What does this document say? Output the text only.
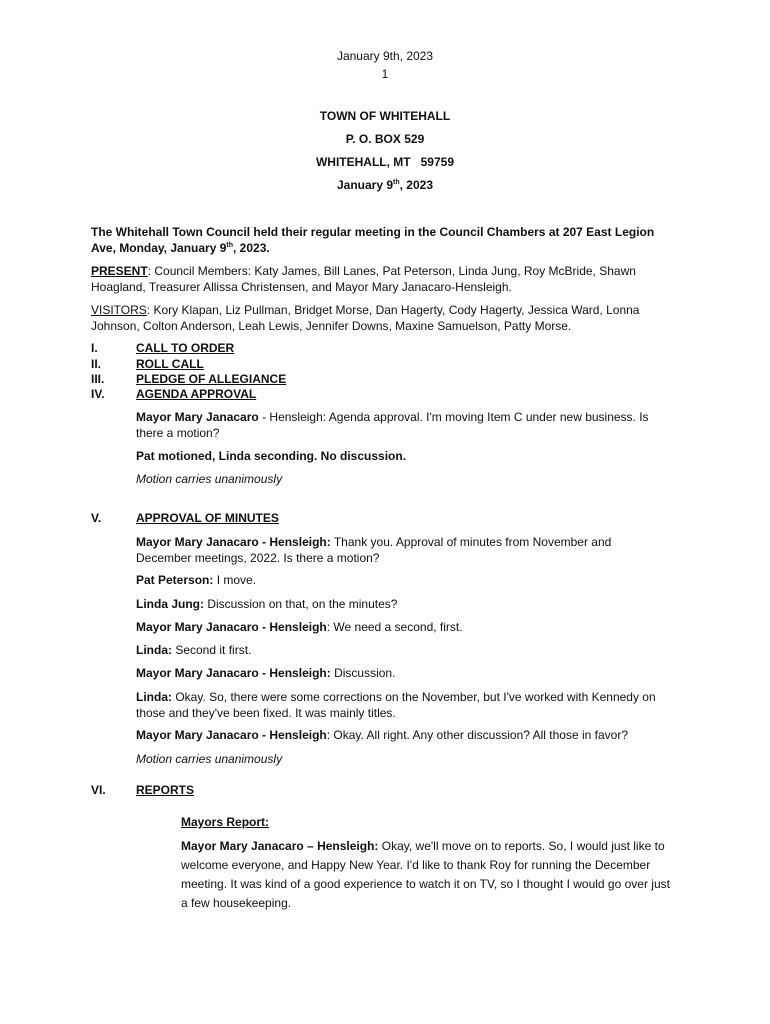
January 9th, 2023
1
TOWN OF WHITEHALL
P. O. BOX 529
WHITEHALL, MT   59759
January 9th, 2023
The Whitehall Town Council held their regular meeting in the Council Chambers at 207 East Legion Ave, Monday, January 9th, 2023.
PRESENT: Council Members: Katy James, Bill Lanes, Pat Peterson, Linda Jung, Roy McBride, Shawn Hoagland, Treasurer Allissa Christensen, and Mayor Mary Janacaro-Hensleigh.
VISITORS: Kory Klapan, Liz Pullman, Bridget Morse, Dan Hagerty, Cody Hagerty, Jessica Ward, Lonna Johnson, Colton Anderson, Leah Lewis, Jennifer Downs, Maxine Samuelson, Patty Morse.
I.	CALL TO ORDER
II.	ROLL CALL
III.	PLEDGE OF ALLEGIANCE
IV.	AGENDA APPROVAL
Mayor Mary Janacaro - Hensleigh: Agenda approval. I'm moving Item C under new business. Is there a motion?
Pat motioned, Linda seconding. No discussion.
Motion carries unanimously
V.	APPROVAL OF MINUTES
Mayor Mary Janacaro - Hensleigh: Thank you. Approval of minutes from November and December meetings, 2022. Is there a motion?
Pat Peterson: I move.
Linda Jung: Discussion on that, on the minutes?
Mayor Mary Janacaro - Hensleigh: We need a second, first.
Linda: Second it first.
Mayor Mary Janacaro - Hensleigh: Discussion.
Linda: Okay. So, there were some corrections on the November, but I've worked with Kennedy on those and they've been fixed. It was mainly titles.
Mayor Mary Janacaro - Hensleigh: Okay. All right. Any other discussion? All those in favor?
Motion carries unanimously
VI.	REPORTS
Mayors Report:
Mayor Mary Janacaro – Hensleigh: Okay, we'll move on to reports. So, I would just like to welcome everyone, and Happy New Year. I'd like to thank Roy for running the December meeting. It was kind of a good experience to watch it on TV, so I thought I would go over just a few housekeeping.
